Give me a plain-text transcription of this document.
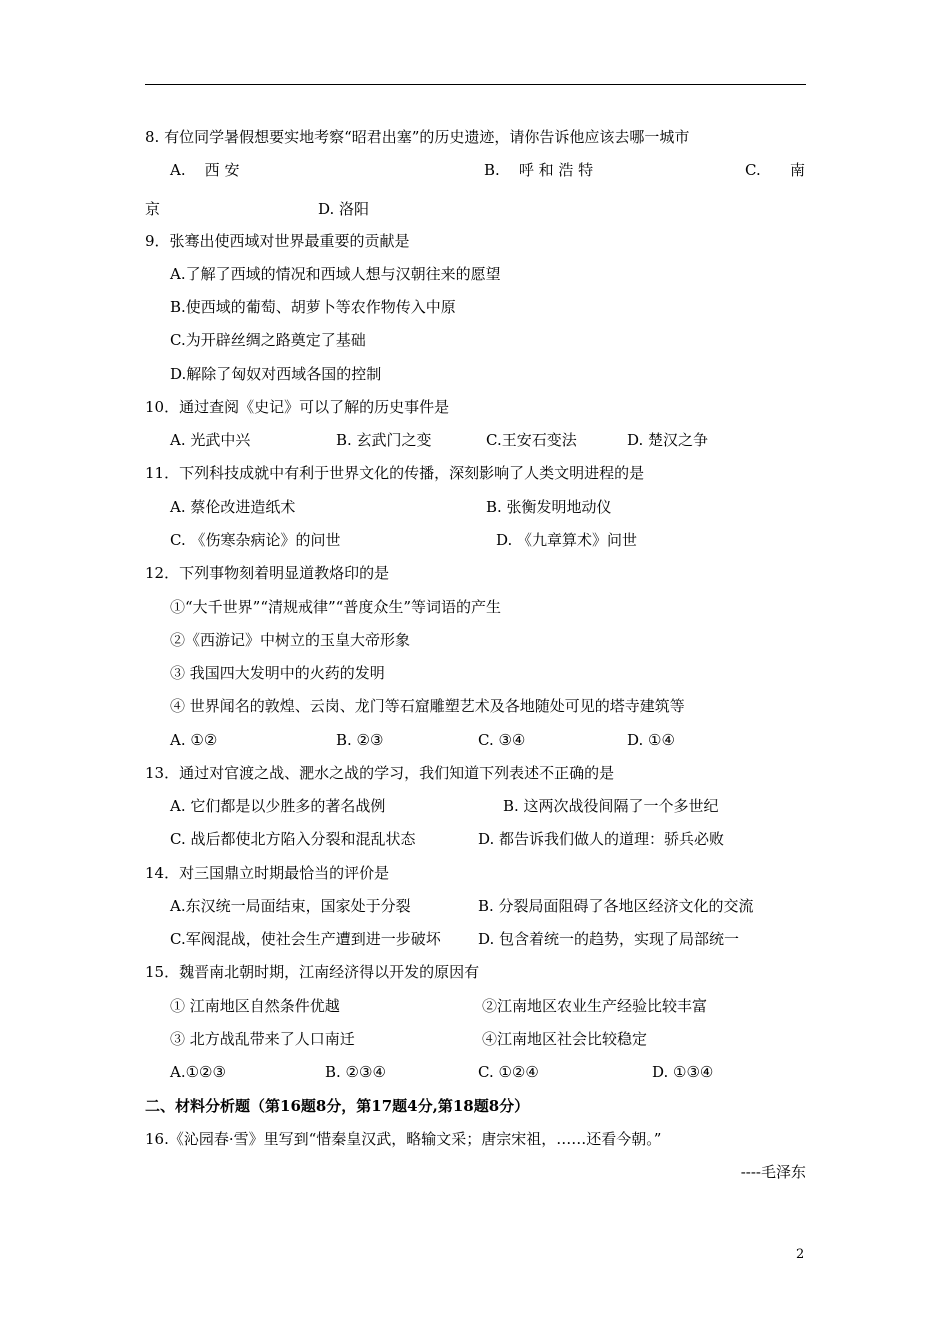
8. 有位同学暑假想要实地考察“昭君出塞”的历史遗迹，请你告诉他应该去哪一城市
A.    西 安	B.    呼 和 浩 特	C. 南
京	D. 洛阳
9．张骞出使西域对世界最重要的贡献是
A.了解了西域的情况和西域人想与汉朝往来的愿望
B.使西域的葡萄、胡萝卜等农作物传入中原
C.为开辟丝绸之路奠定了基础
D.解除了匈奴对西域各国的控制
10．通过查阅《史记》可以了解的历史事件是
A. 光武中兴	B. 玄武门之变	C.王安石变法	D. 楚汉之争
11．下列科技成就中有利于世界文化的传播，深刻影响了人类文明进程的是
A. 蔡伦改进造纸术	B. 张衡发明地动仪
C. 《伤寒杂病论》的问世	D. 《九章算术》问世
12．下列事物刻着明显道教烙印的是
①“大千世界”“清规戒律”“普度众生”等词语的产生
②《西游记》中树立的玉皇大帝形象
③ 我国四大发明中的火药的发明
④ 世界闻名的敦煌、云岗、龙门等石窟雕塑艺术及各地随处可见的塔寺建筑等
A. ①②	B. ②③	C. ③④	D. ①④
13．通过对官渡之战、淝水之战的学习，我们知道下列表述不正确的是
A. 它们都是以少胜多的著名战例	B. 这两次战役间隔了一个多世纪
C. 战后都使北方陷入分裂和混乱状态	D. 都告诉我们做人的道理：骄兵必败
14．对三国鼎立时期最恰当的评价是
A.东汉统一局面结束，国家处于分裂	B. 分裂局面阻碍了各地区经济文化的交流
C.军阀混战，使社会生产遭到进一步破坏 D. 包含着统一的趋势，实现了局部统一
15．魏晋南北朝时期，江南经济得以开发的原因有
① 江南地区自然条件优越	②江南地区农业生产经验比较丰富
③ 北方战乱带来了人口南迁	④江南地区社会比较稳定
A.①②③	B. ②③④	C. ①②④	D. ①③④
二、材料分析题（第16题8分，第17题4分,第18题8分）
16.《沁园春·雪》里写到“惜秦皇汉武，略输文采；唐宗宋祖，……还看今朝。”
----毛泽东
2
